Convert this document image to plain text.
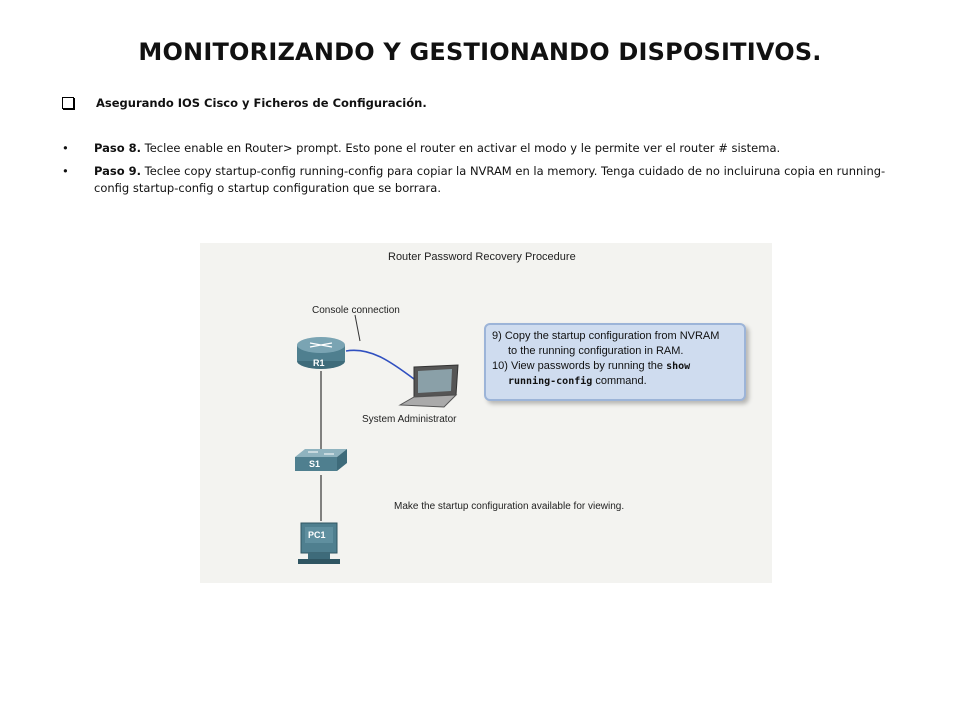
MONITORIZANDO Y GESTIONANDO DISPOSITIVOS.
Asegurando IOS Cisco y Ficheros de Configuración.
•	Paso 8. Teclee enable en Router> prompt. Esto pone el router en activar el modo y le permite ver el router # sistema.
•	Paso 9. Teclee copy startup-config running-config para copiar la NVRAM en la memory. Tenga cuidado de no incluiruna copia en running-config startup-config o startup configuration que se borrara.
Router Password Recovery Procedure
Console connection
System Administrator
R1
S1
PC1
9) Copy the startup configuration from NVRAM
to the running configuration in RAM.
10) View passwords by running the show
running-config command.
Make the startup configuration available for viewing.
